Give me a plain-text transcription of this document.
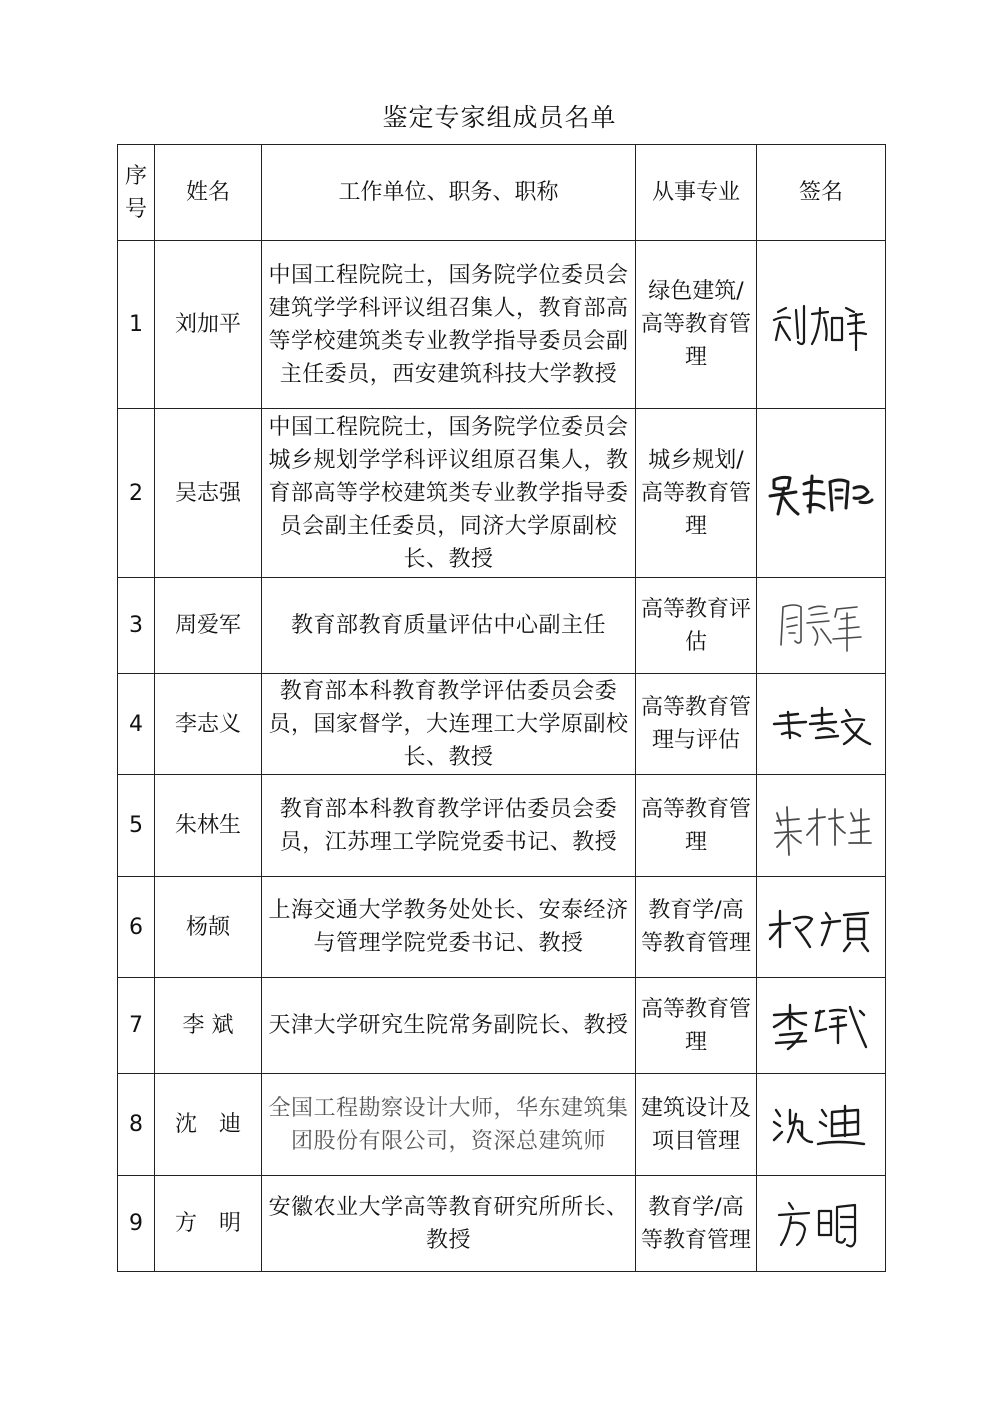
鉴定专家组成员名单
序号	姓名	工作单位、职务、职称	从事专业	签名
1	刘加平	中国工程院院士，国务院学位委员会建筑学学科评议组召集人，教育部高等学校建筑类专业教学指导委员会副主任委员，西安建筑科技大学教授	绿色建筑/高等教育管理	

2	吴志强	中国工程院院士，国务院学位委员会城乡规划学学科评议组原召集人，教育部高等学校建筑类专业教学指导委员会副主任委员，同济大学原副校长、教授	城乡规划/高等教育管理	

3	周爱军	教育部教育质量评估中心副主任	高等教育评估	

4	李志义	教育部本科教育教学评估委员会委员，国家督学，大连理工大学原副校长、教授	高等教育管理与评估	

5	朱林生	教育部本科教育教学评估委员会委员，江苏理工学院党委书记、教授	高等教育管理	

6	杨颉	上海交通大学教务处处长、安泰经济与管理学院党委书记、教授	教育学/高等教育管理	

7	李 斌	天津大学研究生院常务副院长、教授	高等教育管理	

8	沈　迪	全国工程勘察设计大师，华东建筑集团股份有限公司，资深总建筑师	建筑设计及项目管理	

9	方　明	安徽农业大学高等教育研究所所长、教授	教育学/高等教育管理	
